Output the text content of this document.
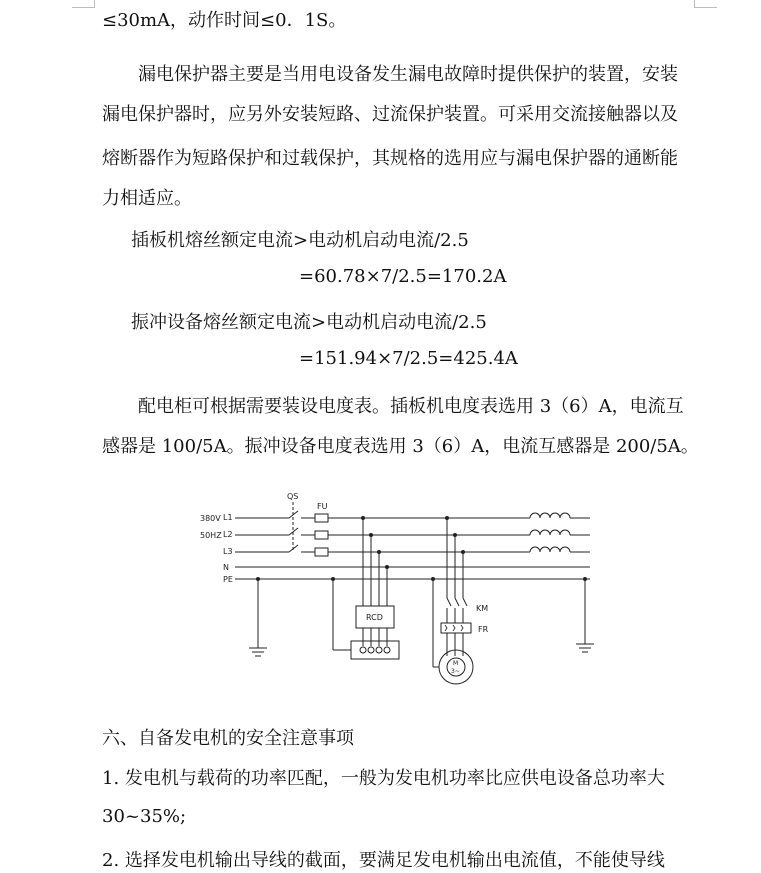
≤30mA，动作时间≤0．1S。
漏电保护器主要是当用电设备发生漏电故障时提供保护的装置，安装
漏电保护器时，应另外安装短路、过流保护装置。可采用交流接触器以及
熔断器作为短路保护和过载保护，其规格的选用应与漏电保护器的通断能
力相适应。
插板机熔丝额定电流>电动机启动电流/2.5
=60.78×7/2.5=170.2A
振冲设备熔丝额定电流>电动机启动电流/2.5
=151.94×7/2.5=425.4A
配电柜可根据需要装设电度表。插板机电度表选用 3（6）A，电流互
感器是 100/5A。振冲设备电度表选用 3（6）A，电流互感器是 200/5A。
380V
50HZ
L1
L2
L3
N
PE
QS
FU
RCD
KM
FR
M
3~
六、自备发电机的安全注意事项
1. 发电机与载荷的功率匹配，一般为发电机功率比应供电设备总功率大
30~35%;
2. 选择发电机输出导线的截面，要满足发电机输出电流值，不能使导线
